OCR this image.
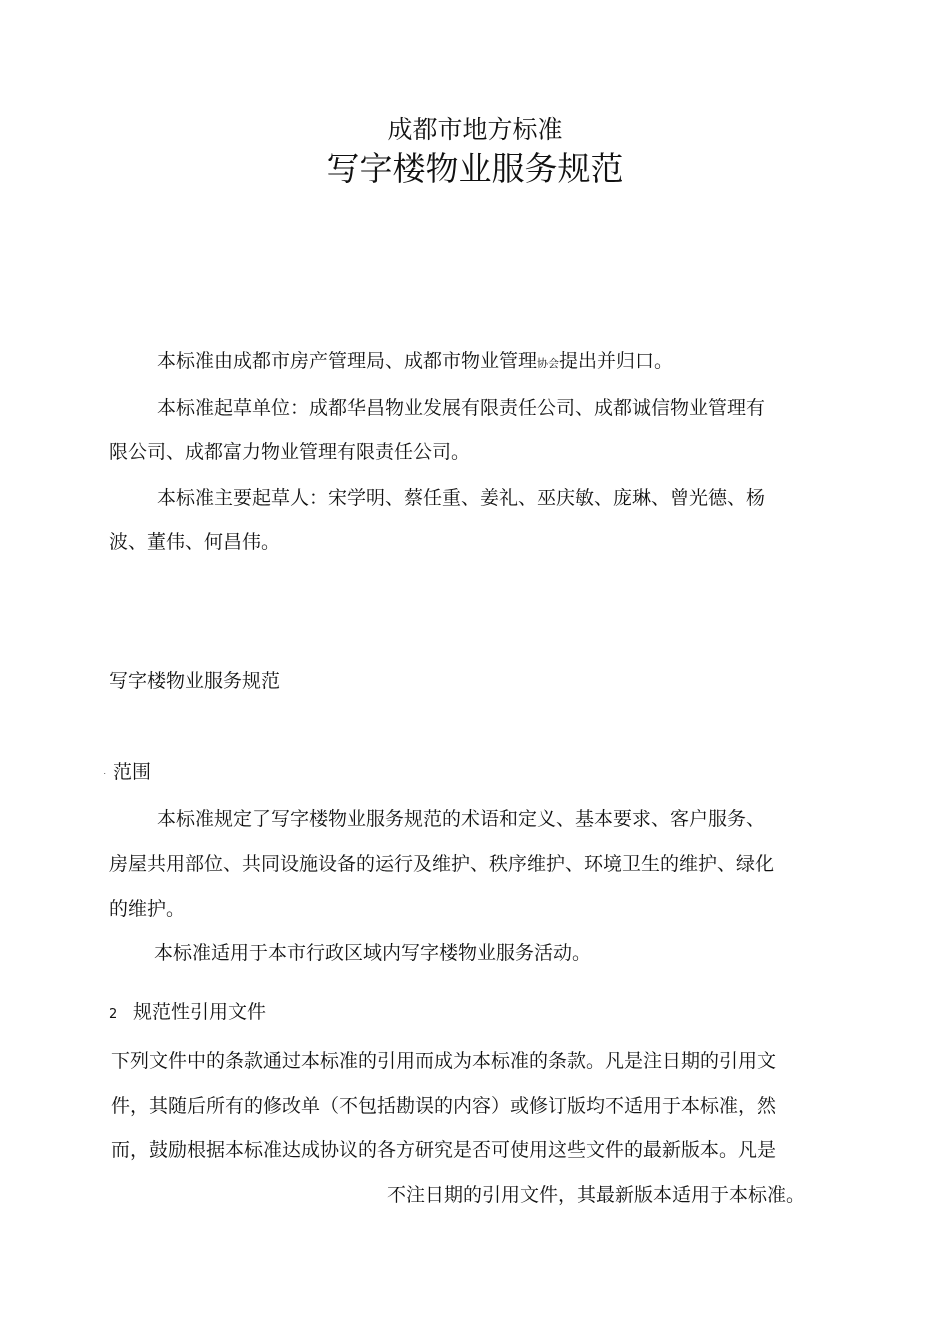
成都市地方标准
写字楼物业服务规范
本标准由成都市房产管理局、成都市物业管理协会提出并归口。
本标准起草单位：成都华昌物业发展有限责任公司、成都诚信物业管理有
限公司、成都富力物业管理有限责任公司。
本标准主要起草人：宋学明、蔡任重、姜礼、巫庆敏、庞琳、曾光德、杨
波、董伟、何昌伟。
写字楼物业服务规范
1 范围
本标准规定了写字楼物业服务规范的术语和定义、基本要求、客户服务、
房屋共用部位、共同设施设备的运行及维护、秩序维护、环境卫生的维护、绿化
的维护。
本标准适用于本市行政区域内写字楼物业服务活动。
2 规范性引用文件
下列文件中的条款通过本标准的引用而成为本标准的条款。凡是注日期的引用文
件，其随后所有的修改单（不包括勘误的内容）或修订版均不适用于本标准，然
而，鼓励根据本标准达成协议的各方研究是否可使用这些文件的最新版本。凡是
不注日期的引用文件，其最新版本适用于本标准。
